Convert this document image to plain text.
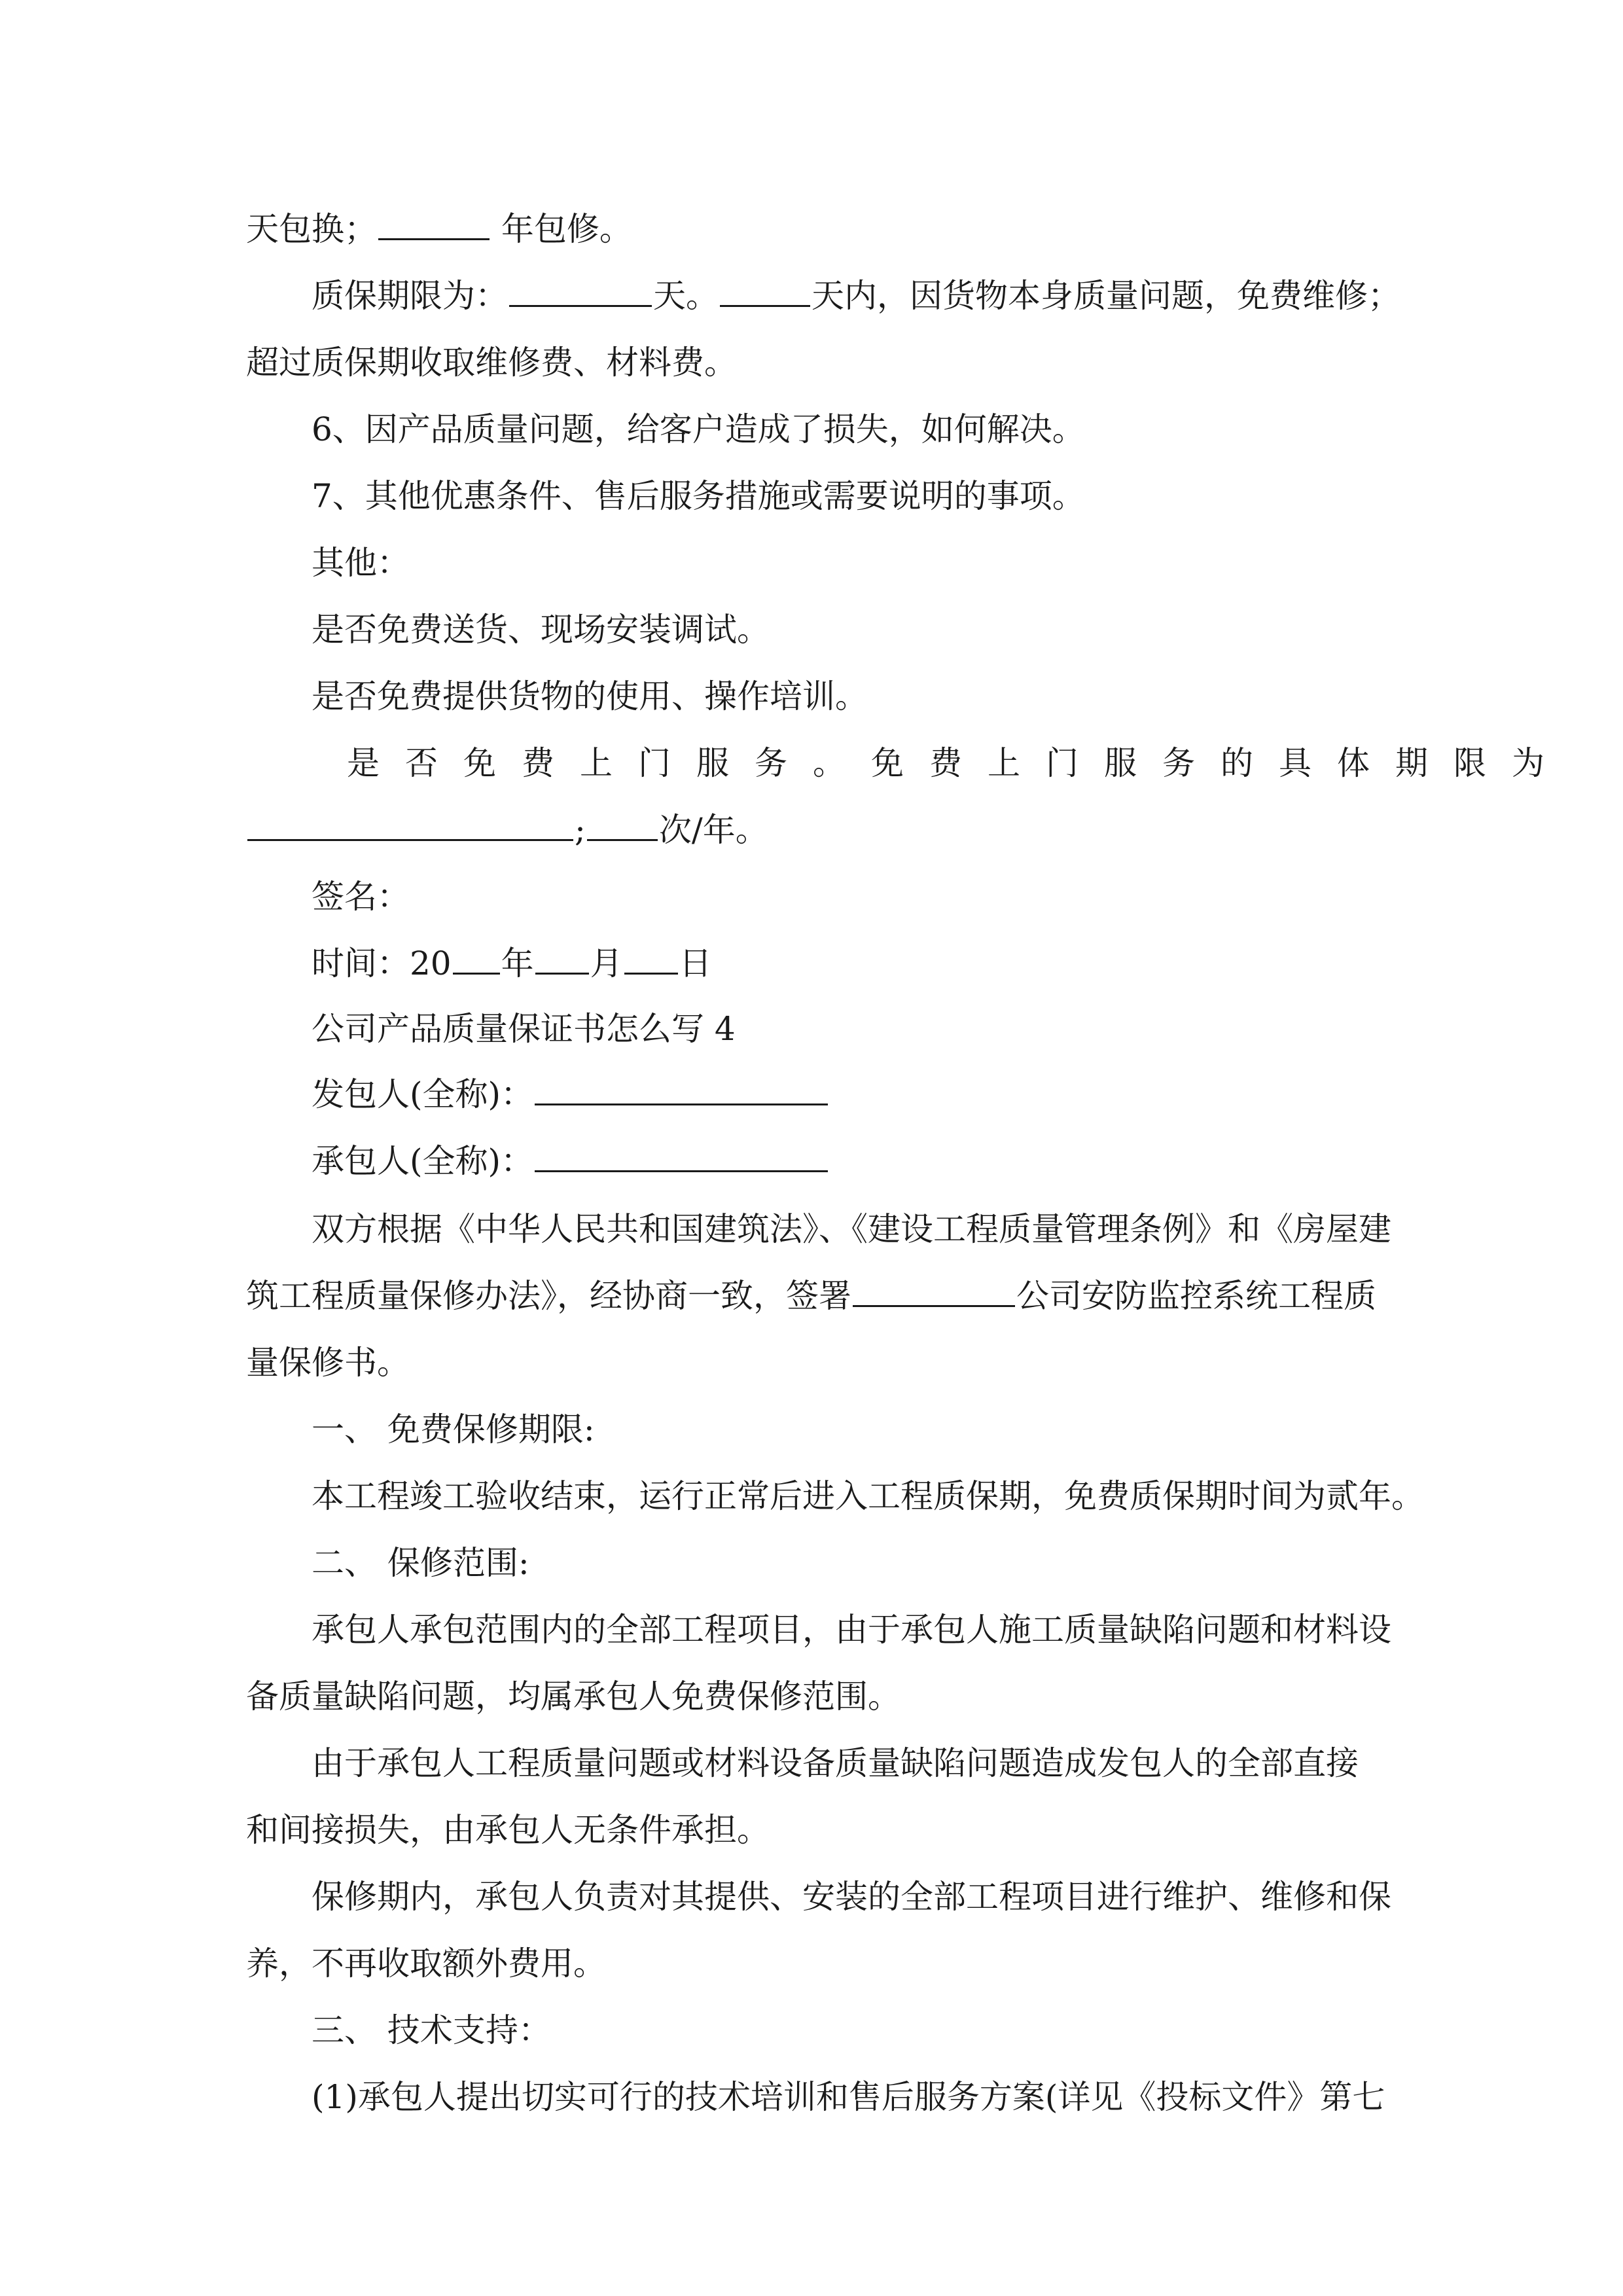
天包换；	年包修。
质保期限为：	天。	天内，因货物本身质量问题，免费维修；
超过质保期收取维修费、材料费。
6、因产品质量问题，给客户造成了损失，如何解决。
7、其他优惠条件、售后服务措施或需要说明的事项。
其他：
是否免费送货、现场安装调试。
是否免费提供货物的使用、操作培训。
是否免费上门服务。免费上门服务的具体期限为
; 次/年。
签名：
时间：20 年 月 日
公司产品质量保证书怎么写 4
发包人(全称)：
承包人(全称)：
双方根据《中华人民共和国建筑法》、《建设工程质量管理条例》和《房屋建
筑工程质量保修办法》，经协商一致，签署	公司安防监控系统工程质
量保修书。
一、 免费保修期限:
本工程竣工验收结束，运行正常后进入工程质保期，免费质保期时间为贰年。
二、 保修范围:
承包人承包范围内的全部工程项目，由于承包人施工质量缺陷问题和材料设
备质量缺陷问题，均属承包人免费保修范围。
由于承包人工程质量问题或材料设备质量缺陷问题造成发包人的全部直接
和间接损失，由承包人无条件承担。
保修期内，承包人负责对其提供、安装的全部工程项目进行维护、维修和保
养，不再收取额外费用。
三、 技术支持：
(1)承包人提出切实可行的技术培训和售后服务方案(详见《投标文件》第七
